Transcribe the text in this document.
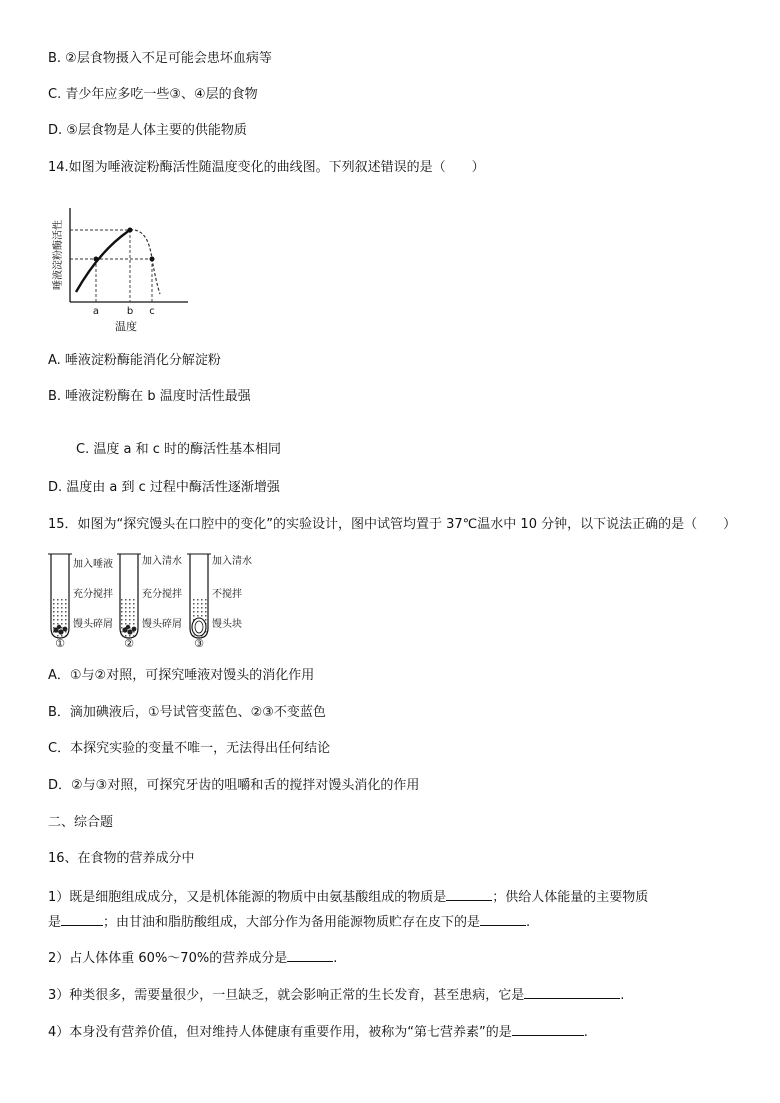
B. ②层食物摄入不足可能会患坏血病等
C. 青少年应多吃一些③、④层的食物
D. ⑤层食物是人体主要的供能物质
14.如图为唾液淀粉酶活性随温度变化的曲线图。下列叙述错误的是（　　）
唾液淀粉酶活性
a	b c
温度
A. 唾液淀粉酶能消化分解淀粉
B. 唾液淀粉酶在 b 温度时活性最强
C. 温度 a 和 c 时的酶活性基本相同
D. 温度由 a 到 c 过程中酶活性逐渐增强
15．如图为“探究馒头在口腔中的变化”的实验设计，图中试管均置于 37℃温水中 10 分钟，以下说法正确的是（　　）
加入唾液
充分搅拌
馒头碎屑
①
加入清水
充分搅拌
馒头碎屑
②
加入清水
不搅拌
馒头块
③
A．①与②对照，可探究唾液对馒头的消化作用
B．滴加碘液后，①号试管变蓝色、②③不变蓝色
C．本探究实验的变量不唯一，无法得出任何结论
D．②与③对照，可探究牙齿的咀嚼和舌的搅拌对馒头消化的作用
二、综合题
16、在食物的营养成分中
1）既是细胞组成成分，又是机体能源的物质中由氨基酸组成的物质是	；供给人体能量的主要物质
是	；由甘油和脂肪酸组成，大部分作为备用能源物质贮存在皮下的是	.
2）占人体体重 60%～70%的营养成分是	.
3）种类很多，需要量很少，一旦缺乏，就会影响正常的生长发育，甚至患病，它是	.
4）本身没有营养价值，但对维持人体健康有重要作用，被称为“第七营养素”的是	.
